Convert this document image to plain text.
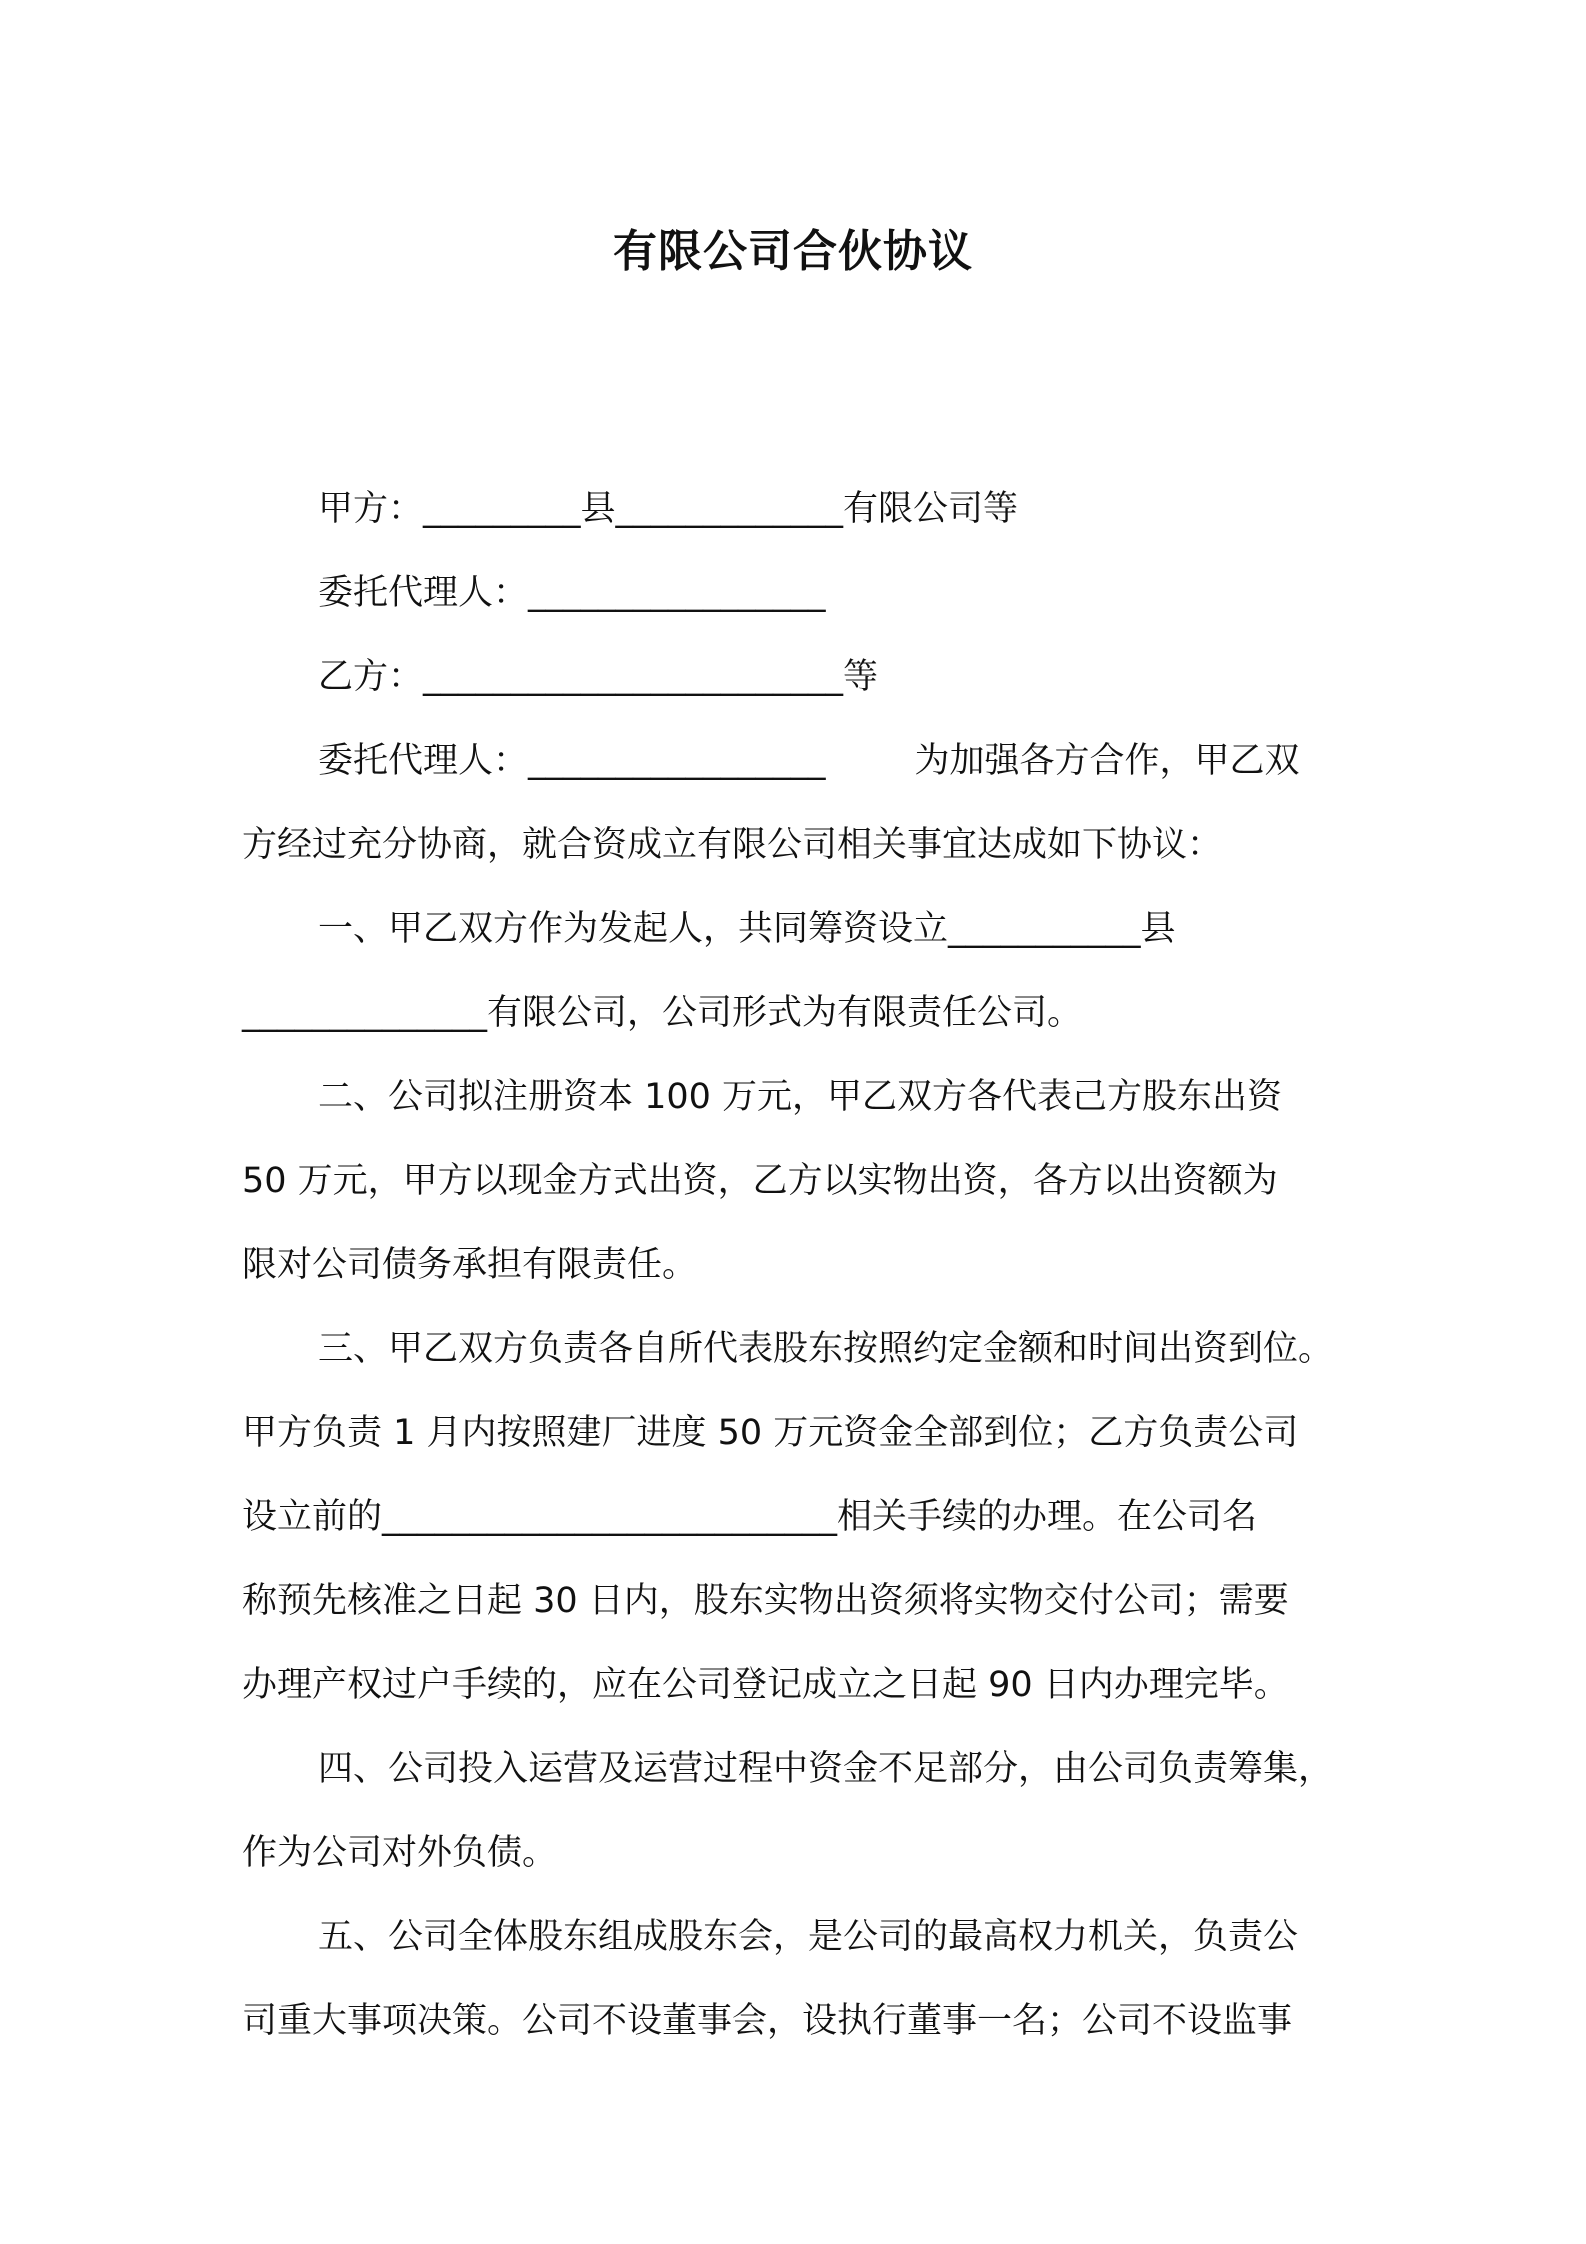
有限公司合伙协议
甲方：_________县_____________有限公司等
委托代理人：_________________
乙方：________________________等
委托代理人：_________________        为加强各方合作，甲乙双
方经过充分协商，就合资成立有限公司相关事宜达成如下协议：
一、甲乙双方作为发起人，共同筹资设立___________县
______________有限公司，公司形式为有限责任公司。
二、公司拟注册资本 100 万元，甲乙双方各代表己方股东出资
50 万元，甲方以现金方式出资，乙方以实物出资，各方以出资额为
限对公司债务承担有限责任。
三、甲乙双方负责各自所代表股东按照约定金额和时间出资到位。
甲方负责 1 月内按照建厂进度 50 万元资金全部到位；乙方负责公司
设立前的__________________________相关手续的办理。在公司名
称预先核准之日起 30 日内，股东实物出资须将实物交付公司；需要
办理产权过户手续的，应在公司登记成立之日起 90 日内办理完毕。
四、公司投入运营及运营过程中资金不足部分，由公司负责筹集，
作为公司对外负债。
五、公司全体股东组成股东会，是公司的最高权力机关，负责公
司重大事项决策。公司不设董事会，设执行董事一名；公司不设监事
